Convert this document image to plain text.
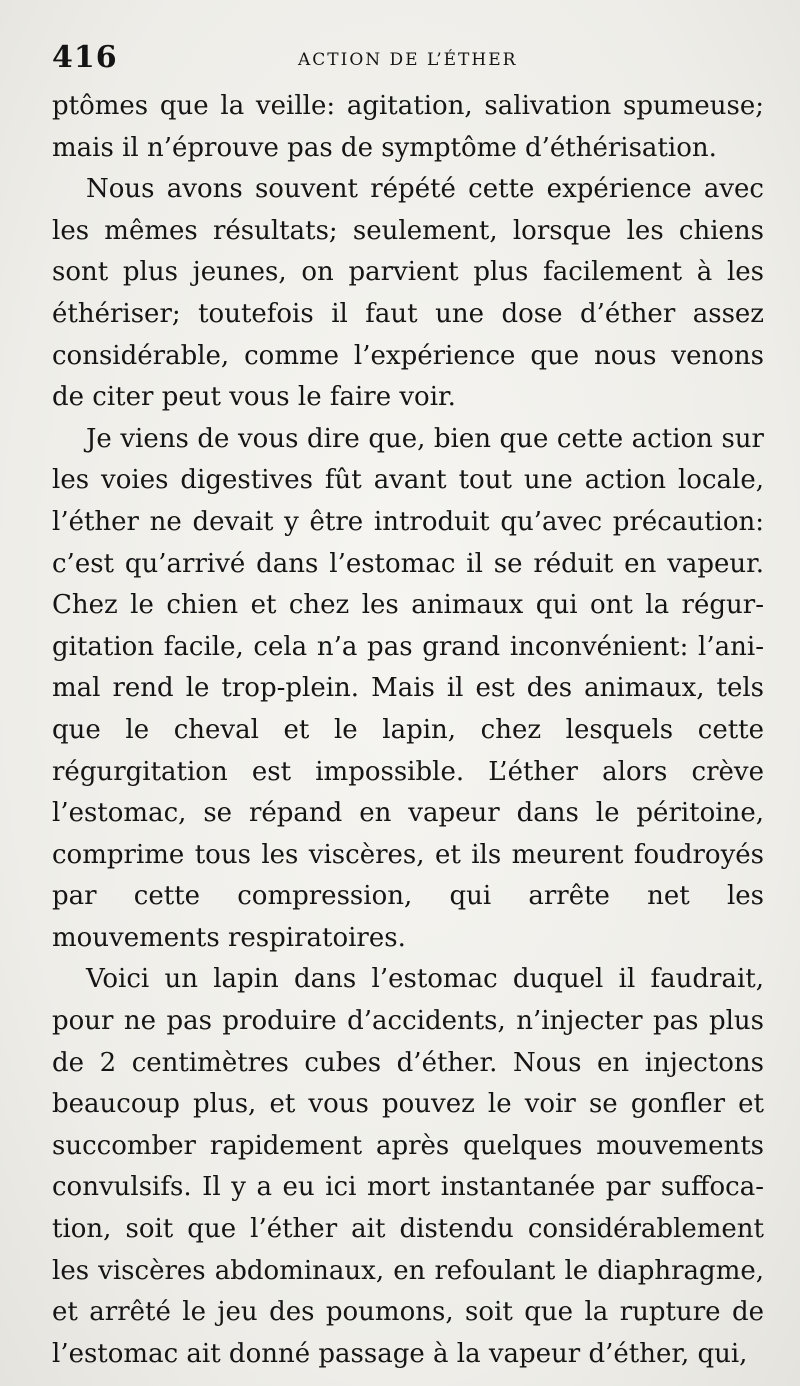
416	ACTION DE L’ÉTHER

ptômes que la veille: agitation, salivation spumeuse; mais il n’éprouve pas de symptôme d’éthérisation.

Nous avons souvent répété cette expérience avec les mêmes résultats; seulement, lorsque les chiens sont plus jeunes, on parvient plus facilement à les éthériser; toutefois il faut une dose d’éther assez considérable, comme l’expérience que nous venons de citer peut vous le faire voir.

Je viens de vous dire que, bien que cette action sur les voies digestives fût avant tout une action locale, l’éther ne devait y être introduit qu’avec précaution: c’est qu’arrivé dans l’estomac il se réduit en vapeur. Chez le chien et chez les animaux qui ont la régurgitation facile, cela n’a pas grand inconvénient: l’animal rend le trop-plein. Mais il est des animaux, tels que le cheval et le lapin, chez lesquels cette régurgitation est impossible. L’éther alors crève l’estomac, se répand en vapeur dans le péritoine, comprime tous les viscères, et ils meurent foudroyés par cette compression, qui arrête net les mouvements respiratoires.

Voici un lapin dans l’estomac duquel il faudrait, pour ne pas produire d’accidents, n’injecter pas plus de 2 centimètres cubes d’éther. Nous en injectons beaucoup plus, et vous pouvez le voir se gonfler et succomber rapidement après quelques mouvements convulsifs. Il y a eu ici mort instantanée par suffocation, soit que l’éther ait distendu considérablement les viscères abdominaux, en refoulant le diaphragme, et arrêté le jeu des poumons, soit que la rupture de l’estomac ait donné passage à la vapeur d’éther, qui,
